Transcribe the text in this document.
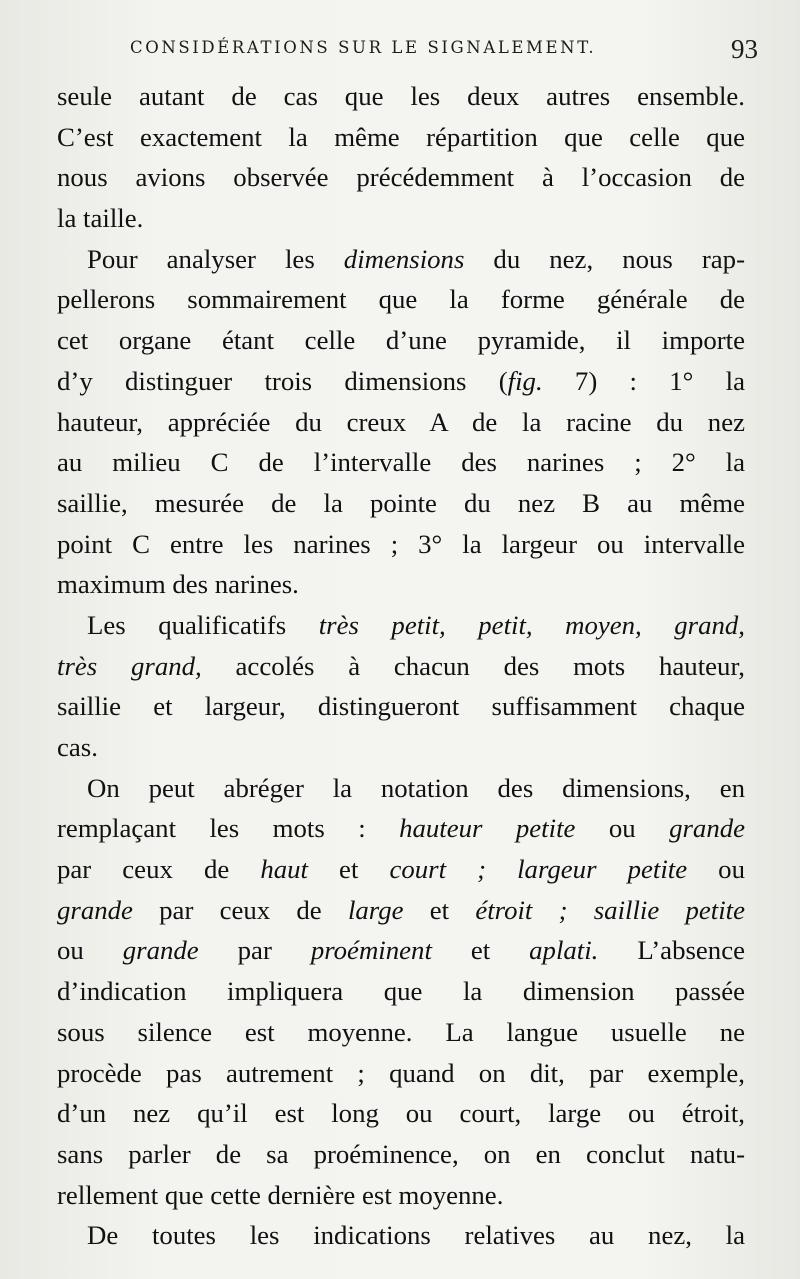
CONSIDÉRATIONS SUR LE SIGNALEMENT.	93
seule autant de cas que les deux autres ensemble.
C’est exactement la même répartition que celle que
nous avions observée précédemment à l’occasion de
la taille.
Pour analyser les dimensions du nez, nous rap-
pellerons sommairement que la forme générale de
cet organe étant celle d’une pyramide, il importe
d’y distinguer trois dimensions (fig. 7) : 1° la
hauteur, appréciée du creux A de la racine du nez
au milieu C de l’intervalle des narines ; 2° la
saillie, mesurée de la pointe du nez B au même
point C entre les narines ; 3° la largeur ou intervalle
maximum des narines.
Les qualificatifs très petit, petit, moyen, grand,
très grand, accolés à chacun des mots hauteur,
saillie et largeur, distingueront suffisamment chaque
cas.
On peut abréger la notation des dimensions, en
remplaçant les mots : hauteur petite ou grande
par ceux de haut et court ; largeur petite ou
grande par ceux de large et étroit ; saillie petite
ou grande par proéminent et aplati. L’absence
d’indication impliquera que la dimension passée
sous silence est moyenne. La langue usuelle ne
procède pas autrement ; quand on dit, par exemple,
d’un nez qu’il est long ou court, large ou étroit,
sans parler de sa proéminence, on en conclut natu-
rellement que cette dernière est moyenne.
De toutes les indications relatives au nez, la
